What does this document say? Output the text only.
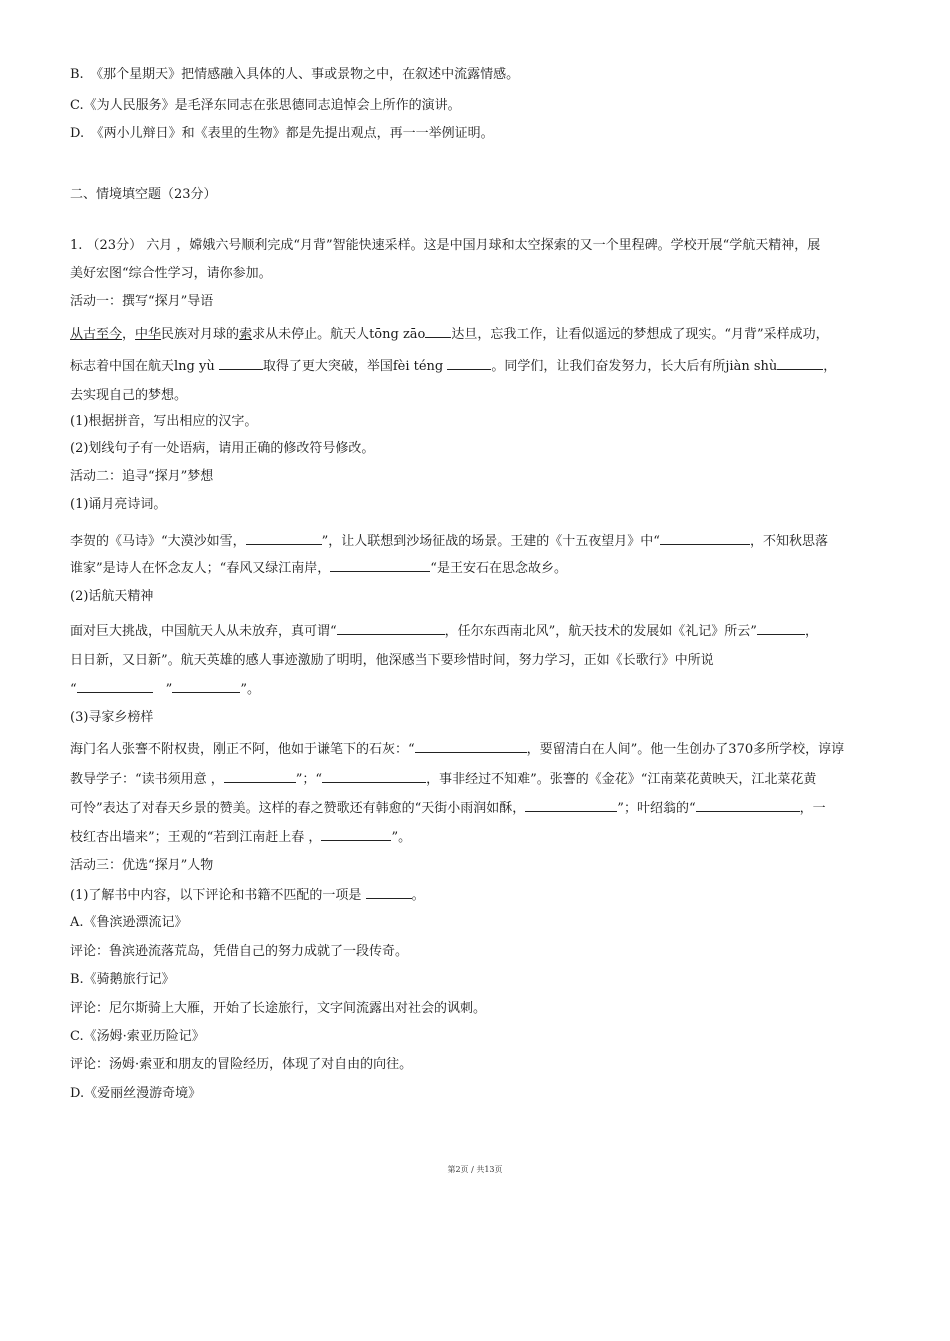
B.　《那个星期天》把情感融入具体的人、事或景物之中，在叙述中流露情感。
C.《为人民服务》是毛泽东同志在张思德同志追悼会上所作的演讲。
D.　《两小儿辩日》和《表里的生物》都是先提出观点，再一一举例证明。
二、情境填空题（23分）
1. （23分） 六月 ，嫦娥六号顺利完成“月背”智能快速采样。这是中国月球和太空探索的又一个里程碑。学校开展“学航天精神，展
美好宏图“综合性学习，请你参加。
活动一：撰写“探月”导语
从古至今，中华民族对月球的索求从未停止。航天人tōng zāo 达旦，忘我工作，让看似遥远的梦想成了现实。“月背”采样成功，
标志着中国在航天lng yù	取得了更大突破，举国fèi téng	。同学们，让我们奋发努力，长大后有所jiàn shù	，
去实现自己的梦想。
(1)根据拼音，写出相应的汉字。
(2)划线句子有一处语病，请用正确的修改符号修改。
活动二：追寻“探月”梦想
(1)诵月亮诗词。
李贺的《马诗》“大漠沙如雪，	”，让人联想到沙场征战的场景。王建的《十五夜望月》中“	，不知秋思落
谁家”是诗人在怀念友人；“春风又绿江南岸，	“是王安石在思念故乡。
(2)话航天精神
面对巨大挑战，中国航天人从未放弃，真可谓“	，任尔东西南北风”，航天技术的发展如《礼记》所云”	，
日日新，又日新”。航天英雄的感人事迹激励了明明，他深感当下要珍惜时间，努力学习，正如《长歌行》中所说
“　	”	”。
(3)寻家乡榜样
海门名人张謇不附权贵，刚正不阿，他如于谦笔下的石灰：“	，要留清白在人间”。他一生创办了370多所学校，谆谆
教导学子：“读书须用意 ，	”；“	，事非经过不知难”。张謇的《金花》“江南菜花黄映天，江北菜花黄
可怜”表达了对春天乡景的赞美。这样的春之赞歌还有韩愈的“天街小雨润如酥，	”；叶绍翁的“	，一
枝红杏出墙来”；王观的“若到江南赶上春 ，	”。
活动三：优选“探月”人物
(1)了解书中内容，以下评论和书籍不匹配的一项是	。
A.《鲁滨逊漂流记》
评论：鲁滨逊流落荒岛，凭借自己的努力成就了一段传奇。
B.《骑鹅旅行记》
评论：尼尔斯骑上大雁，开始了长途旅行，文字间流露出对社会的讽刺。
C.《汤姆·索亚历险记》
评论：汤姆·索亚和朋友的冒险经历，体现了对自由的向往。
D.《爱丽丝漫游奇境》
第2页 / 共13页
